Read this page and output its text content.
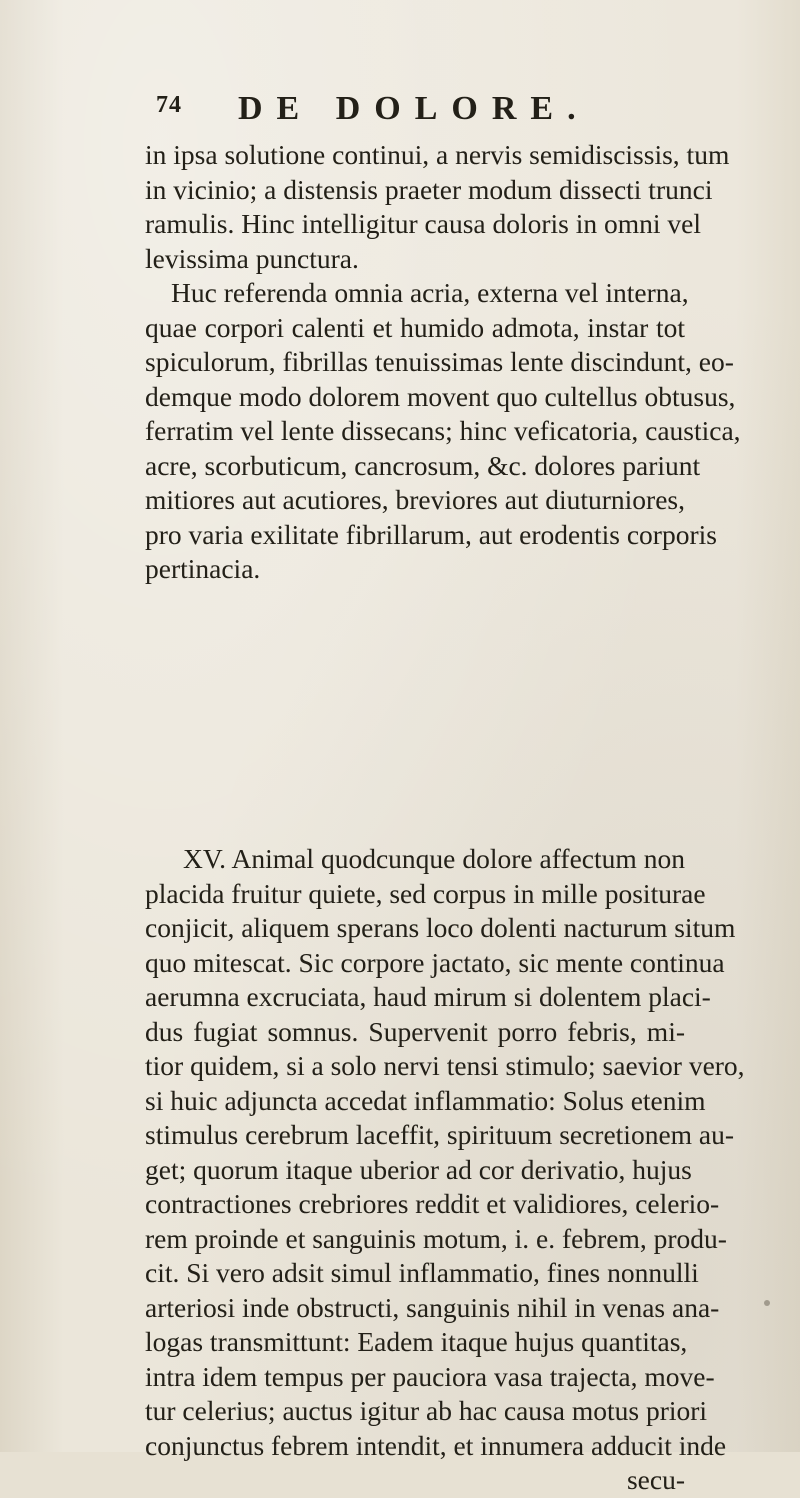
74 DE DOLORE.
in ipsa solutione continui, a nervis semidiscissis, tum
in vicinio; a distensis praeter modum dissecti trunci
ramulis. Hinc intelligitur causa doloris in omni vel
levissima punctura.
Huc referenda omnia acria, externa vel interna,
quae corpori calenti et humido admota, instar tot
spiculorum, fibrillas tenuissimas lente discindunt, eo-
demque modo dolorem movent quo cultellus obtusus,
ferratim vel lente dissecans; hinc veficatoria, caustica,
acre, scorbuticum, cancrosum, &c. dolores pariunt
mitiores aut acutiores, breviores aut diuturniores,
pro varia exilitate fibrillarum, aut erodentis corporis
pertinacia.
XV. Animal quodcunque dolore affectum non
placida fruitur quiete, sed corpus in mille positurae
conjicit, aliquem sperans loco dolenti nacturum situm
quo mitescat. Sic corpore jactato, sic mente continua
aerumna excruciata, haud mirum si dolentem placi-
dus fugiat somnus. Supervenit porro febris, mi-
tior quidem, si a solo nervi tensi stimulo; saevior vero,
si huic adjuncta accedat inflammatio: Solus etenim
stimulus cerebrum laceffit, spirituum secretionem au-
get; quorum itaque uberior ad cor derivatio, hujus
contractiones crebriores reddit et validiores, celerio-
rem proinde et sanguinis motum, i. e. febrem, produ-
cit. Si vero adsit simul inflammatio, fines nonnulli
arteriosi inde obstructi, sanguinis nihil in venas ana-
logas transmittunt: Eadem itaque hujus quantitas,
intra idem tempus per pauciora vasa trajecta, move-
tur celerius; auctus igitur ab hac causa motus priori
conjunctus febrem intendit, et innumera adducit inde
secu-
